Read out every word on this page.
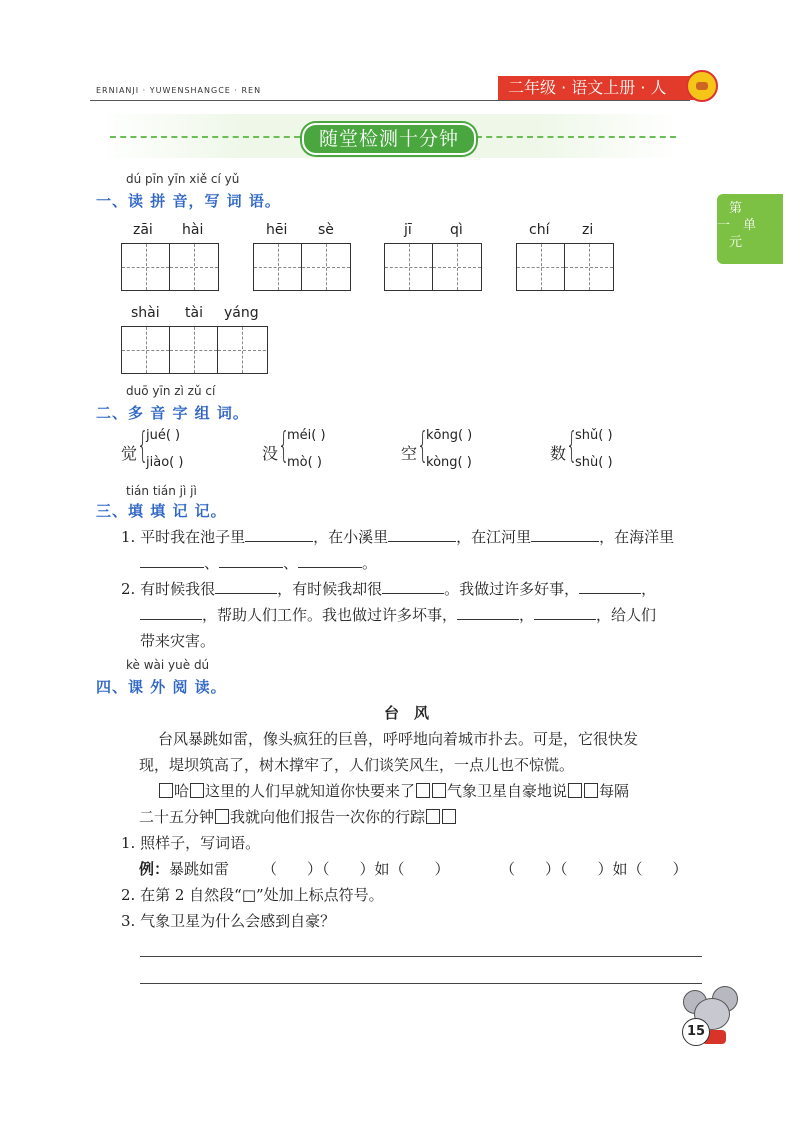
ERNIANJI · YUWENSHANGCE · REN	二年级 · 语文上册 · 人
随堂检测十分钟
第
一 单
元
dú pīn yīn xiě cí yǔ
一、读 拼 音，写 词 语。
zāi hài	hēi sè	jī	qì	chí zi
shài tài yáng
duō yīn zì zǔ cí
二、多 音 字 组 词。
觉 {
jué( )
jiào( )	没 {
méi( )
mò( )	空 {
kōng( )
kòng( )	数 {
shǔ( )
shù( )
tián tián jì jì
三、填 填 记 记。
1. 平时我在池子里	，在小溪里	，在江河里	，在海洋里
、	、	。
2. 有时候我很	，有时候我却很	。我做过许多好事，	，
，帮助人们工作。我也做过许多坏事，	，	，给人们
带来灾害。
kè wài yuè dú
四、课 外 阅 读。
台　风
台风暴跳如雷，像头疯狂的巨兽，呼呼地向着城市扑去。可是，它很快发
现，堤坝筑高了，树木撑牢了，人们谈笑风生，一点儿也不惊慌。
哈 这里的人们早就知道你快要来了 气象卫星自豪地说 每隔
二十五分钟 我就向他们报告一次你的行踪
1. 照样子，写词语。
例：暴跳如雷 （　　）（　　）如（　　）	（　　）（　　）如（　　）
2. 在第 2 自然段“□”处加上标点符号。
3. 气象卫星为什么会感到自豪？
15
